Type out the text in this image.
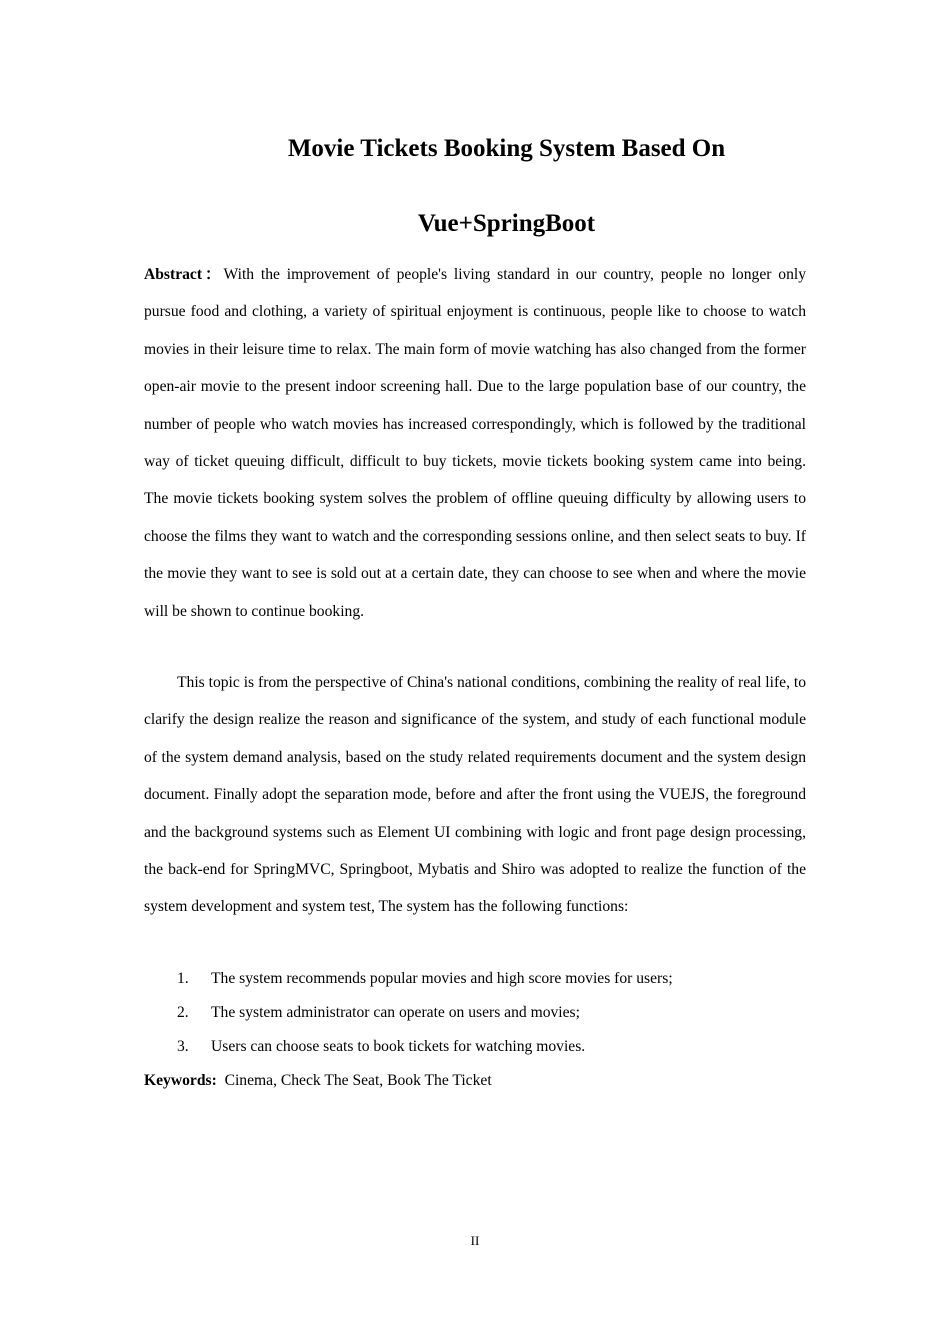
Movie Tickets Booking System Based On
Vue+SpringBoot
Abstract：With the improvement of people's living standard in our country, people no longer only pursue food and clothing, a variety of spiritual enjoyment is continuous, people like to choose to watch movies in their leisure time to relax. The main form of movie watching has also changed from the former open-air movie to the present indoor screening hall. Due to the large population base of our country, the number of people who watch movies has increased correspondingly, which is followed by the traditional way of ticket queuing difficult, difficult to buy tickets, movie tickets booking system came into being. The movie tickets booking system solves the problem of offline queuing difficulty by allowing users to choose the films they want to watch and the corresponding sessions online, and then select seats to buy. If the movie they want to see is sold out at a certain date, they can choose to see when and where the movie will be shown to continue booking.
This topic is from the perspective of China's national conditions, combining the reality of real life, to clarify the design realize the reason and significance of the system, and study of each functional module of the system demand analysis, based on the study related requirements document and the system design document. Finally adopt the separation mode, before and after the front using the VUEJS, the foreground and the background systems such as Element UI combining with logic and front page design processing, the back-end for SpringMVC, Springboot, Mybatis and Shiro was adopted to realize the function of the system development and system test, The system has the following functions:
1. The system recommends popular movies and high score movies for users;
2. The system administrator can operate on users and movies;
3. Users can choose seats to book tickets for watching movies.
Keywords: Cinema, Check The Seat, Book The Ticket
II
